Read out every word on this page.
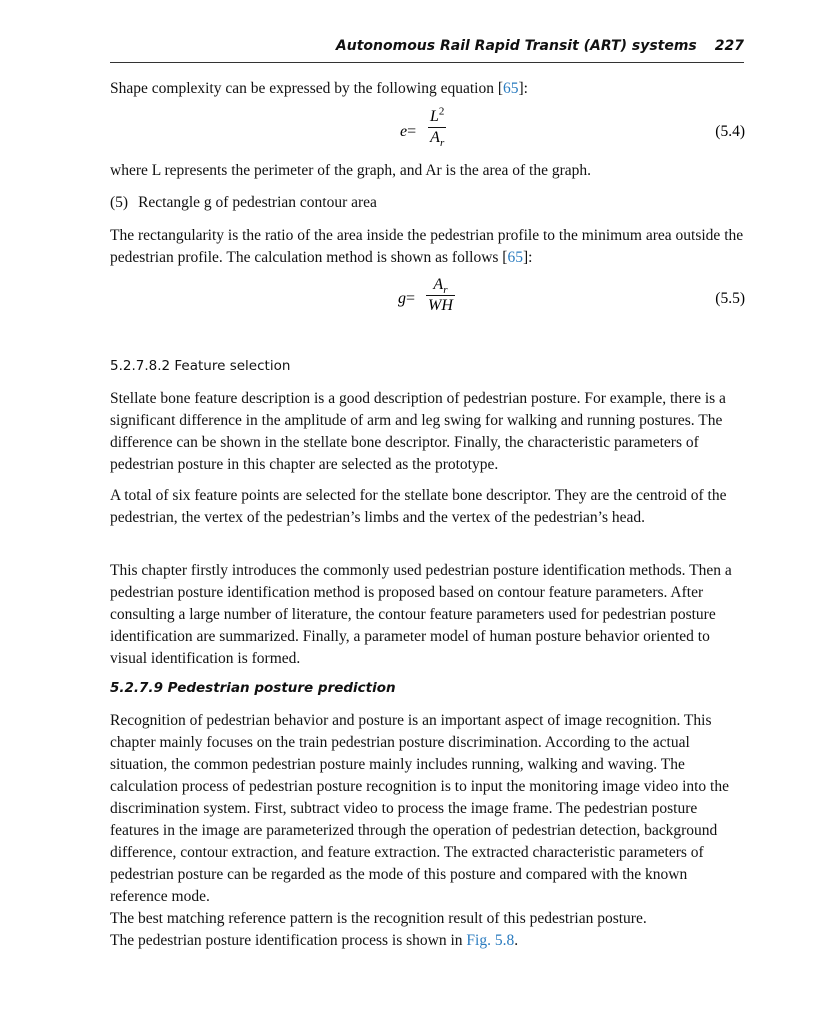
Autonomous Rail Rapid Transit (ART) systems 227

Shape complexity can be expressed by the following equation [65]:

e=
$L^2$
$A_r$
(5.4)

where L represents the perimeter of the graph, and Ar is the area of the graph.

(5) Rectangle g of pedestrian contour area

The rectangularity is the ratio of the area inside the pedestrian profile to the minimum area outside the pedestrian profile. The calculation method is shown as follows [65]:

g=
$A_r$
WH	(5.5)
5.2.7.8.2 Feature selection

Stellate bone feature description is a good description of pedestrian posture. For example, there is a significant difference in the amplitude of arm and leg swing for walking and running postures. The difference can be shown in the stellate bone descriptor. Finally, the characteristic parameters of pedestrian posture in this chapter are selected as the prototype.

A total of six feature points are selected for the stellate bone descriptor. They are the centroid of the pedestrian, the vertex of the pedestrian’s limbs and the vertex of the pedestrian’s head.

This chapter firstly introduces the commonly used pedestrian posture identification methods. Then a pedestrian posture identification method is proposed based on contour feature parameters. After consulting a large number of literature, the contour feature parameters used for pedestrian posture identification are summarized. Finally, a parameter model of human posture behavior oriented to visual identification is formed.

5.2.7.9 Pedestrian posture prediction

Recognition of pedestrian behavior and posture is an important aspect of image recognition. This chapter mainly focuses on the train pedestrian posture discrimination. According to the actual situation, the common pedestrian posture mainly includes running, walking and waving. The calculation process of pedestrian posture recognition is to input the monitoring image video into the discrimination system. First, subtract video to process the image frame. The pedestrian posture features in the image are parameterized through the operation of pedestrian detection, background difference, contour extraction, and feature extraction. The extracted characteristic parameters of pedestrian posture can be regarded as the mode of this posture and compared with the known reference mode.
The best matching reference pattern is the recognition result of this pedestrian posture.
The pedestrian posture identification process is shown in Fig. 5.8.
